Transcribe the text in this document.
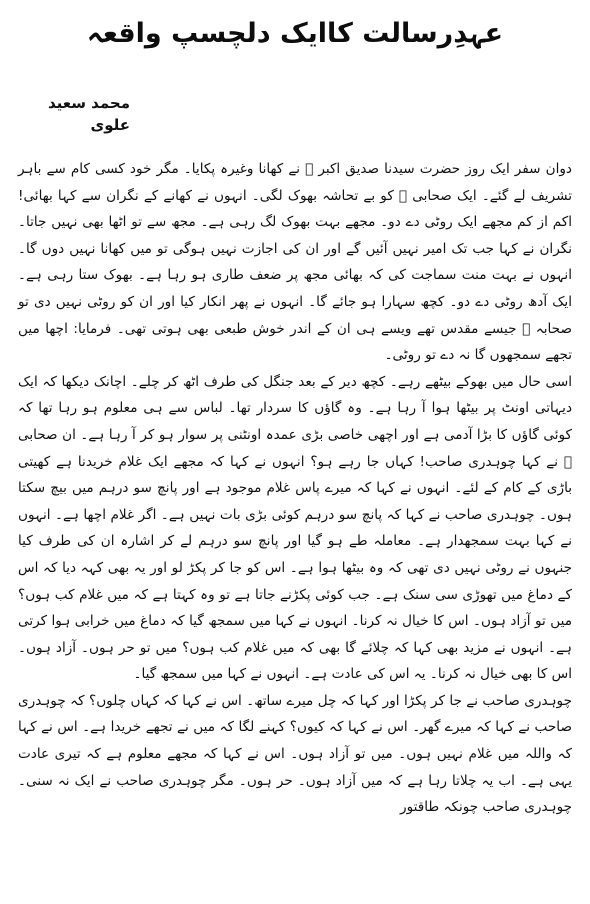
عہدِرسالت کاایک دلچسپ واقعہ
محمد سعید علوی

دوان سفر ایک روز حضرت سیدنا صدیق اکبر ﷜ نے کھانا وغیرہ پکایا۔ مگر خود کسی کام سے باہر تشریف لے گئے۔ ایک صحابی ﷜ کو بے تحاشہ بھوک لگی۔ انہوں نے کھانے کے نگران سے کہا بھائی! اکم از کم مجھے ایک روٹی دے دو۔ مجھے بہت بھوک لگ رہی ہے۔ مجھ سے تو اٹھا بھی نہیں جاتا۔ نگران نے کہا جب تک امیر نہیں آئیں گے اور ان کی اجازت نہیں ہوگی تو میں کھانا نہیں دوں گا۔ انہوں نے بہت منت سماجت کی کہ بھائی مجھ پر ضعف طاری ہو رہا ہے۔ بھوک ستا رہی ہے۔ ایک آدھ روٹی دے دو۔ کچھ سہارا ہو جائے گا۔ انہوں نے پھر انکار کیا اور ان کو روٹی نہیں دی تو صحابہ ﷜ جیسے مقدس تھے ویسے ہی ان کے اندر خوش طبعی بھی ہوتی تھی۔ فرمایا: اچھا میں تجھے سمجھوں گا نہ دے تو روٹی۔

اسی حال میں بھوکے بیٹھے رہے۔ کچھ دیر کے بعد جنگل کی طرف اٹھ کر چلے۔ اچانک دیکھا کہ ایک دیہاتی اونٹ پر بیٹھا ہوا آ رہا ہے۔ وہ گاؤں کا سردار تھا۔ لباس سے ہی معلوم ہو رہا تھا کہ کوئی گاؤں کا بڑا آدمی ہے اور اچھی خاصی بڑی عمدہ اونٹنی پر سوار ہو کر آ رہا ہے۔ ان صحابی ﷜ نے کہا چوہدری صاحب! کہاں جا رہے ہو؟ انہوں نے کہا کہ مجھے ایک غلام خریدنا ہے کھیتی باڑی کے کام کے لئے۔ انہوں نے کہا کہ میرے پاس غلام موجود ہے اور پانچ سو درہم میں بیچ سکتا ہوں۔ چوہدری صاحب نے کہا کہ پانچ سو درہم کوئی بڑی بات نہیں ہے۔ اگر غلام اچھا ہے۔ انہوں نے کہا بہت سمجھدار ہے۔ معاملہ طے ہو گیا اور پانچ سو درہم لے کر اشارہ ان کی طرف کیا جنہوں نے روٹی نہیں دی تھی کہ وہ بیٹھا ہوا ہے۔ اس کو جا کر پکڑ لو اور یہ بھی کہہ دیا کہ اس کے دماغ میں تھوڑی سی سنک ہے۔ جب کوئی پکڑنے جاتا ہے تو وہ کہتا ہے کہ میں غلام کب ہوں؟ میں تو آزاد ہوں۔ اس کا خیال نہ کرنا۔ انہوں نے کہا میں سمجھ گیا کہ دماغ میں خرابی ہوا کرتی ہے۔ انہوں نے مزید بھی کہا کہ چلائے گا بھی کہ میں غلام کب ہوں؟ میں تو حر ہوں۔ آزاد ہوں۔ اس کا بھی خیال نہ کرنا۔ یہ اس کی عادت ہے۔ انہوں نے کہا میں سمجھ گیا۔

چوہدری صاحب نے جا کر پکڑا اور کہا کہ چل میرے ساتھ۔ اس نے کہا کہ کہاں چلوں؟ کہ چوہدری صاحب نے کہا کہ میرے گھر۔ اس نے کہا کہ کیوں؟ کہنے لگا کہ میں نے تجھے خریدا ہے۔ اس نے کہا کہ واللہ میں غلام نہیں ہوں۔ میں تو آزاد ہوں۔ اس نے کہا کہ مجھے معلوم ہے کہ تیری عادت یہی ہے۔ اب یہ چلاتا رہا ہے کہ میں آزاد ہوں۔ حر ہوں۔ مگر چوہدری صاحب نے ایک نہ سنی۔ چوہدری صاحب چونکہ طاقتور
